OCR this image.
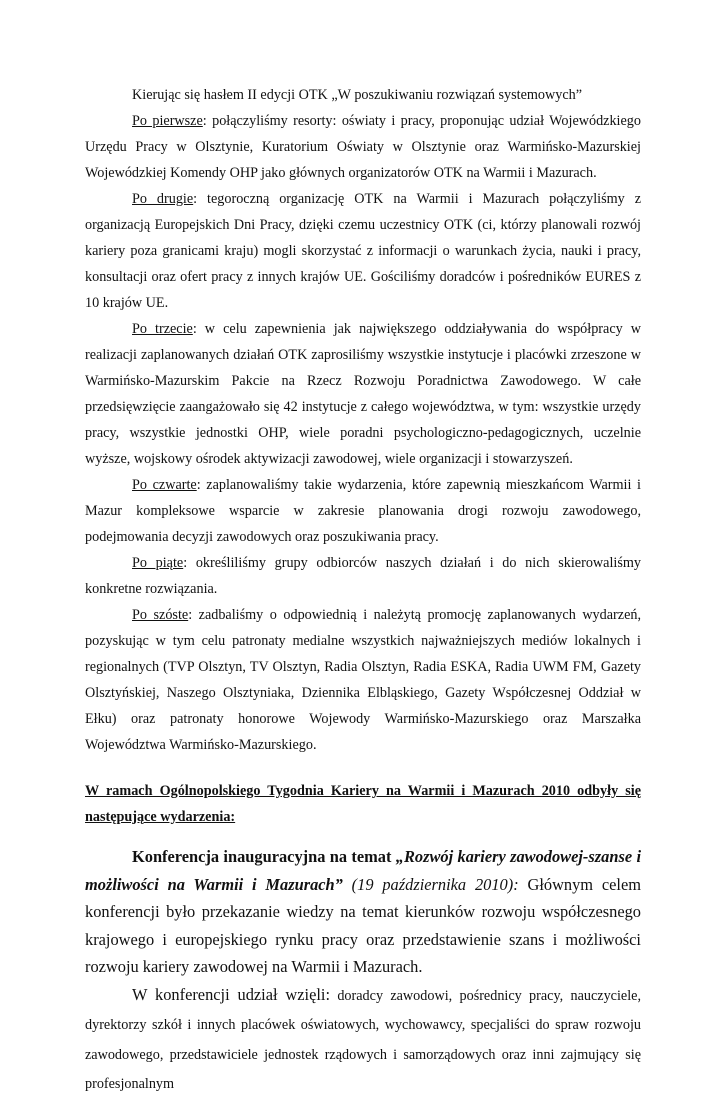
Kierując się hasłem II edycji OTK „W poszukiwaniu rozwiązań systemowych”

Po pierwsze: połączyliśmy resorty: oświaty i pracy, proponując udział Wojewódzkiego Urzędu Pracy w Olsztynie, Kuratorium Oświaty w Olsztynie oraz Warmińsko-Mazurskiej Wojewódzkiej Komendy OHP jako głównych organizatorów OTK na Warmii i Mazurach.

Po drugie: tegoroczną organizację OTK na Warmii i Mazurach połączyliśmy z organizacją Europejskich Dni Pracy, dzięki czemu uczestnicy OTK (ci, którzy planowali rozwój kariery poza granicami kraju) mogli skorzystać z informacji o warunkach życia, nauki i pracy, konsultacji oraz ofert pracy z innych krajów UE. Gościliśmy doradców i pośredników EURES z 10 krajów UE.

Po trzecie: w celu zapewnienia jak największego oddziaływania do współpracy w realizacji zaplanowanych działań OTK zaprosiliśmy wszystkie instytucje i placówki zrzeszone w Warmińsko-Mazurskim Pakcie na Rzecz Rozwoju Poradnictwa Zawodowego. W całe przedsięwzięcie zaangażowało się 42 instytucje z całego województwa, w tym: wszystkie urzędy pracy, wszystkie jednostki OHP, wiele poradni psychologiczno-pedagogicznych, uczelnie wyższe, wojskowy ośrodek aktywizacji zawodowej, wiele organizacji i stowarzyszeń.

Po czwarte: zaplanowaliśmy takie wydarzenia, które zapewnią mieszkańcom Warmii i Mazur kompleksowe wsparcie w zakresie planowania drogi rozwoju zawodowego, podejmowania decyzji zawodowych oraz poszukiwania pracy.

Po piąte: określiliśmy grupy odbiorców naszych działań i do nich skierowaliśmy konkretne rozwiązania.

Po szóste: zadbaliśmy o odpowiednią i należytą promocję zaplanowanych wydarzeń, pozyskując w tym celu patronaty medialne wszystkich najważniejszych mediów lokalnych i regionalnych (TVP Olsztyn, TV Olsztyn, Radia Olsztyn, Radia ESKA, Radia UWM FM, Gazety Olsztyńskiej, Naszego Olsztyniaka, Dziennika Elbląskiego, Gazety Współczesnej Oddział w Ełku) oraz patronaty honorowe Wojewody Warmińsko-Mazurskiego oraz Marszałka Województwa Warmińsko-Mazurskiego.

W ramach Ogólnopolskiego Tygodnia Kariery na Warmii i Mazurach 2010 odbyły się następujące wydarzenia:

Konferencja inauguracyjna na temat „Rozwój kariery zawodowej-szanse i możliwości na Warmii i Mazurach” (19 października 2010): Głównym celem konferencji było przekazanie wiedzy na temat kierunków rozwoju współczesnego krajowego i europejskiego rynku pracy oraz przedstawienie szans i możliwości rozwoju kariery zawodowej na Warmii i Mazurach.

W konferencji udział wzięli: doradcy zawodowi, pośrednicy pracy, nauczyciele, dyrektorzy szkół i innych placówek oświatowych, wychowawcy, specjaliści do spraw rozwoju zawodowego, przedstawiciele jednostek rządowych i samorządowych oraz inni zajmujący się profesjonalnym
